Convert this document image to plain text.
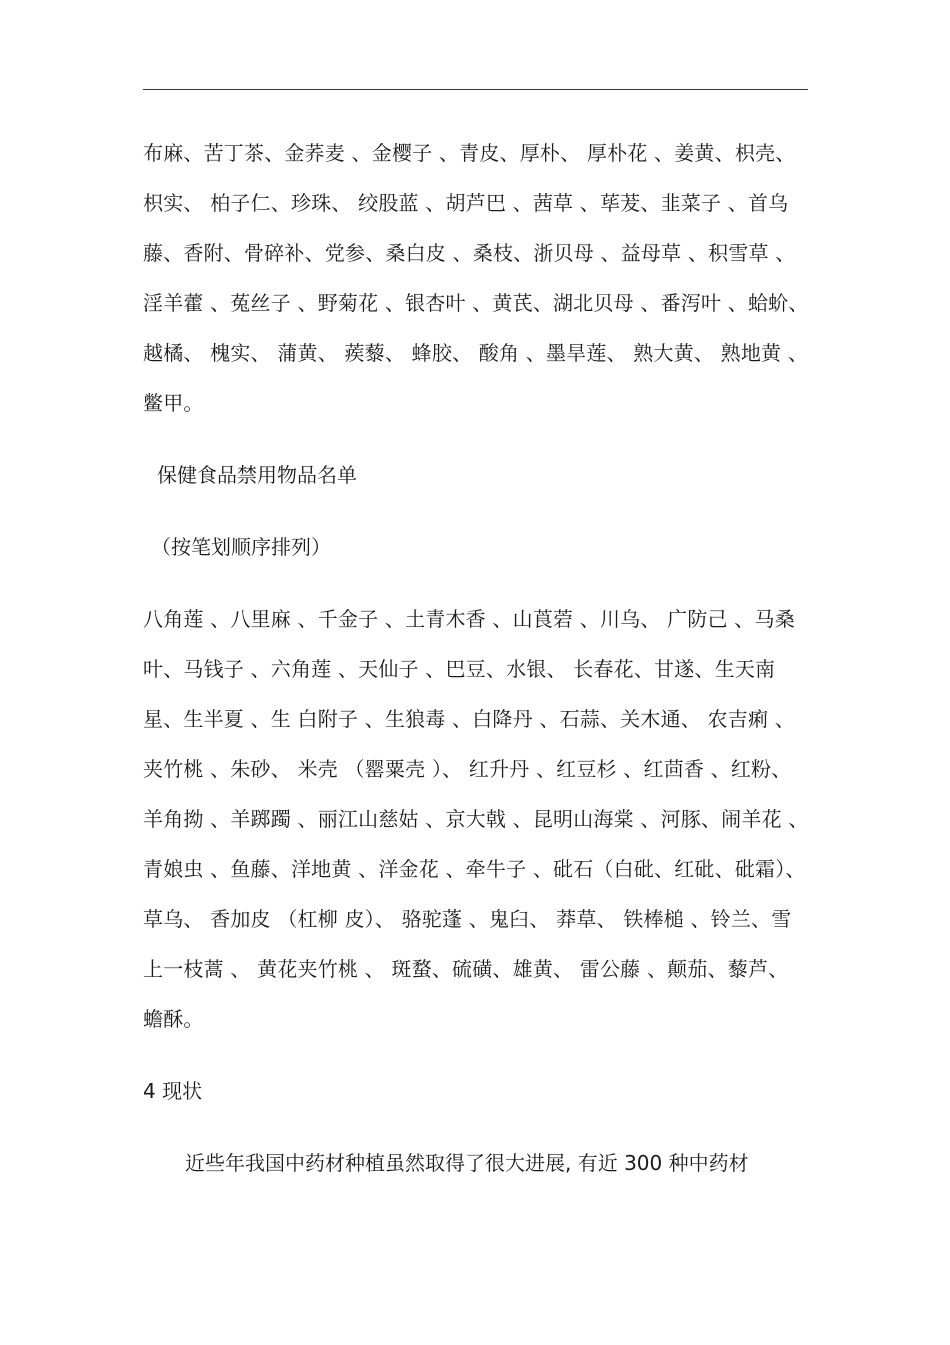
布麻、苦丁茶、金荞麦 、金樱子 、青皮、厚朴、 厚朴花 、姜黄、枳壳、
枳实、 柏子仁、珍珠、 绞股蓝 、胡芦巴 、茜草 、荜茇、韭菜子 、首乌
藤、香附、骨碎补、党参、桑白皮 、桑枝、浙贝母 、益母草 、积雪草 、
淫羊藿 、菟丝子 、野菊花 、银杏叶 、黄芪、湖北贝母 、番泻叶 、蛤蚧、
越橘、 槐实、 蒲黄、 蒺藜、 蜂胶、 酸角 、墨旱莲、 熟大黄、 熟地黄 、
鳖甲。
保健食品禁用物品名单
（按笔划顺序排列）
八角莲 、八里麻 、千金子 、土青木香 、山莨菪 、川乌、 广防己 、马桑
叶、马钱子 、六角莲 、天仙子 、巴豆、水银、 长春花、甘遂、生天南
星、生半夏 、生 白附子 、生狼毒 、白降丹 、石蒜、关木通、 农吉痢 、
夹竹桃 、朱砂、 米壳 （罂粟壳 ）、 红升丹 、红豆杉 、红茴香 、红粉、
羊角拗 、羊踯躅 、丽江山慈姑 、京大戟 、昆明山海棠 、河豚、闹羊花 、
青娘虫 、鱼藤、洋地黄 、洋金花 、牵牛子 、砒石（白砒、红砒、砒霜）、
草乌、 香加皮 （杠柳 皮）、 骆驼蓬 、鬼臼、 莽草、 铁棒槌 、铃兰、雪
上一枝蒿 、 黄花夹竹桃 、 斑蝥、硫磺、雄黄、 雷公藤 、颠茄、藜芦、
蟾酥。
4 现状
近些年我国中药材种植虽然取得了很大进展, 有近 300 种中药材
